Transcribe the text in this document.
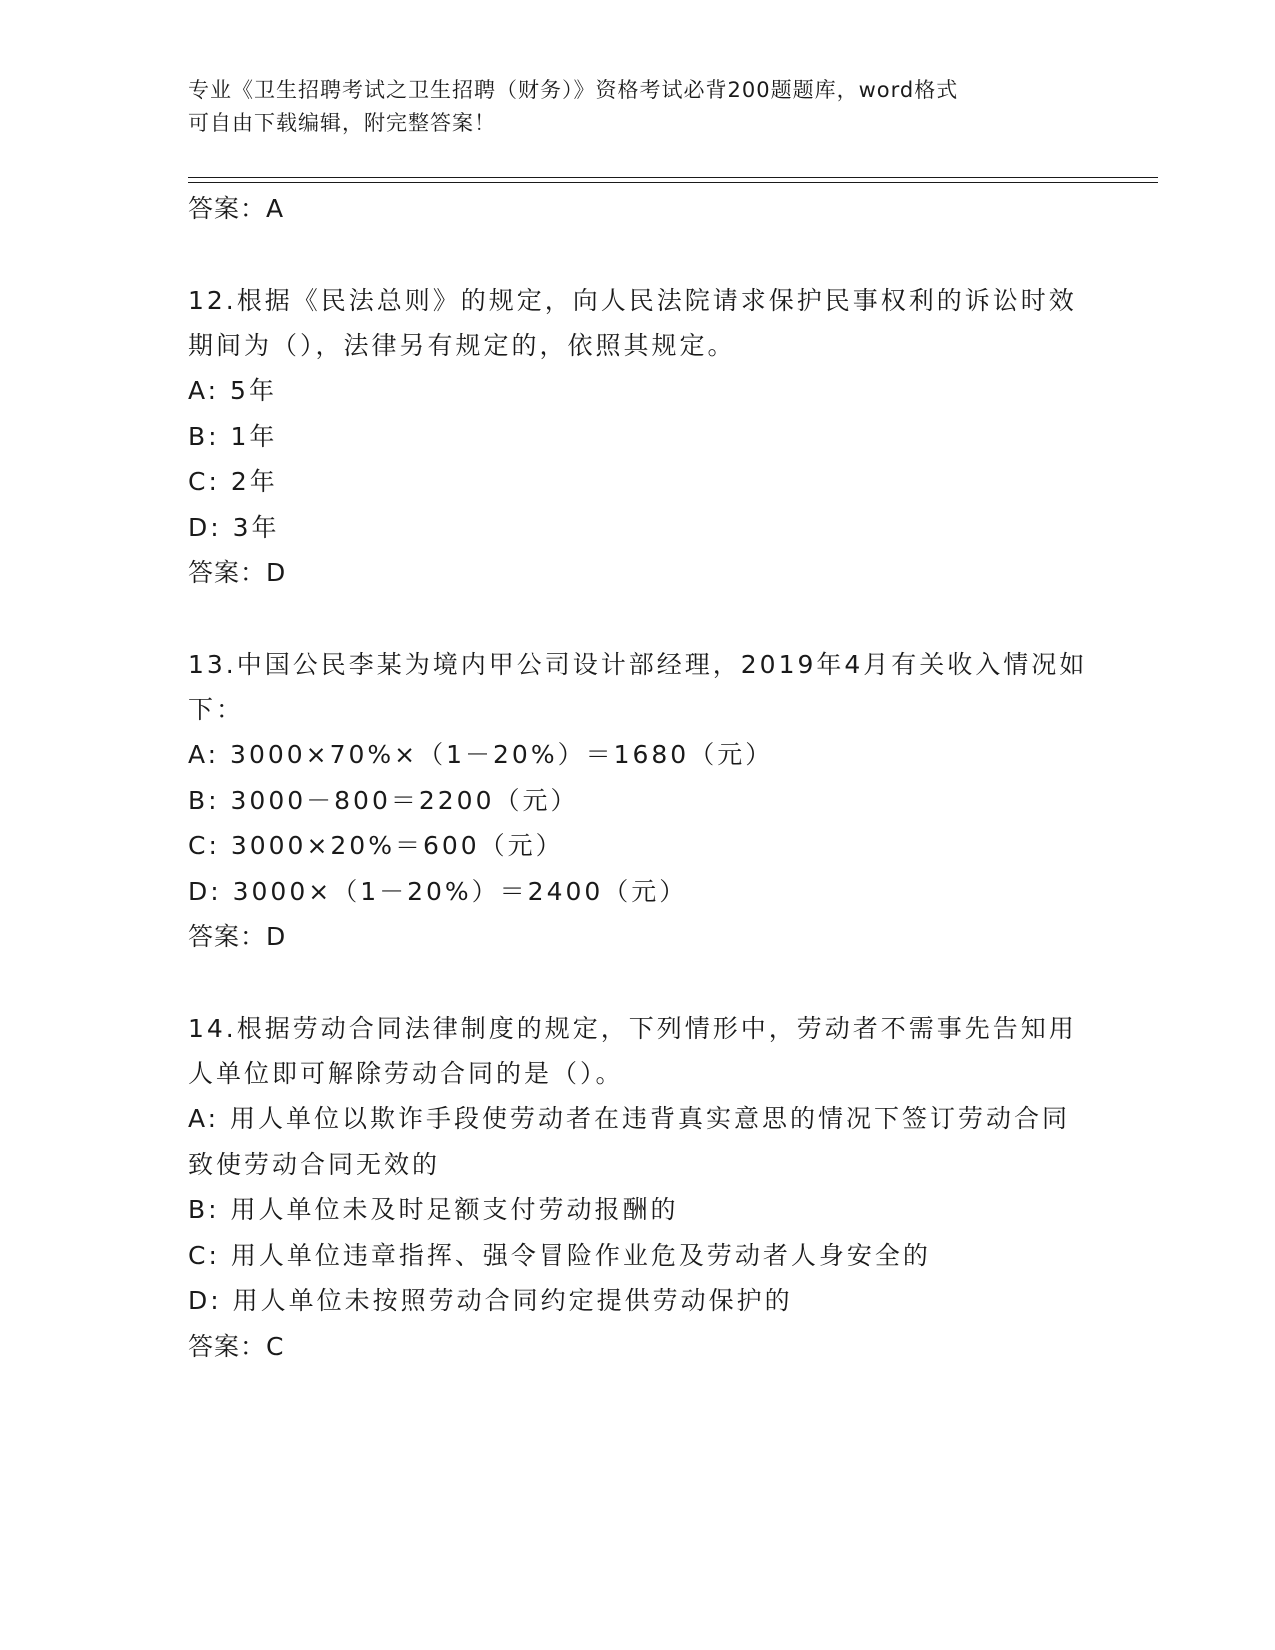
专业《卫生招聘考试之卫生招聘（财务）》资格考试必背200题题库，word格式
可自由下载编辑，附完整答案！
答案：A
12.根据《民法总则》的规定，向人民法院请求保护民事权利的诉讼时效期间为（），法律另有规定的，依照其规定。
A: 5年
B: 1年
C: 2年
D: 3年
答案：D
13.中国公民李某为境内甲公司设计部经理，2019年4月有关收入情况如下：
A: 3000×70%×（1－20%）＝1680（元）
B: 3000－800＝2200（元）
C: 3000×20%＝600（元）
D: 3000×（1－20%）＝2400（元）
答案：D
14.根据劳动合同法律制度的规定，下列情形中，劳动者不需事先告知用人单位即可解除劳动合同的是（）。
A: 用人单位以欺诈手段使劳动者在违背真实意思的情况下签订劳动合同致使劳动合同无效的
B: 用人单位未及时足额支付劳动报酬的
C: 用人单位违章指挥、强令冒险作业危及劳动者人身安全的
D: 用人单位未按照劳动合同约定提供劳动保护的
答案：C
